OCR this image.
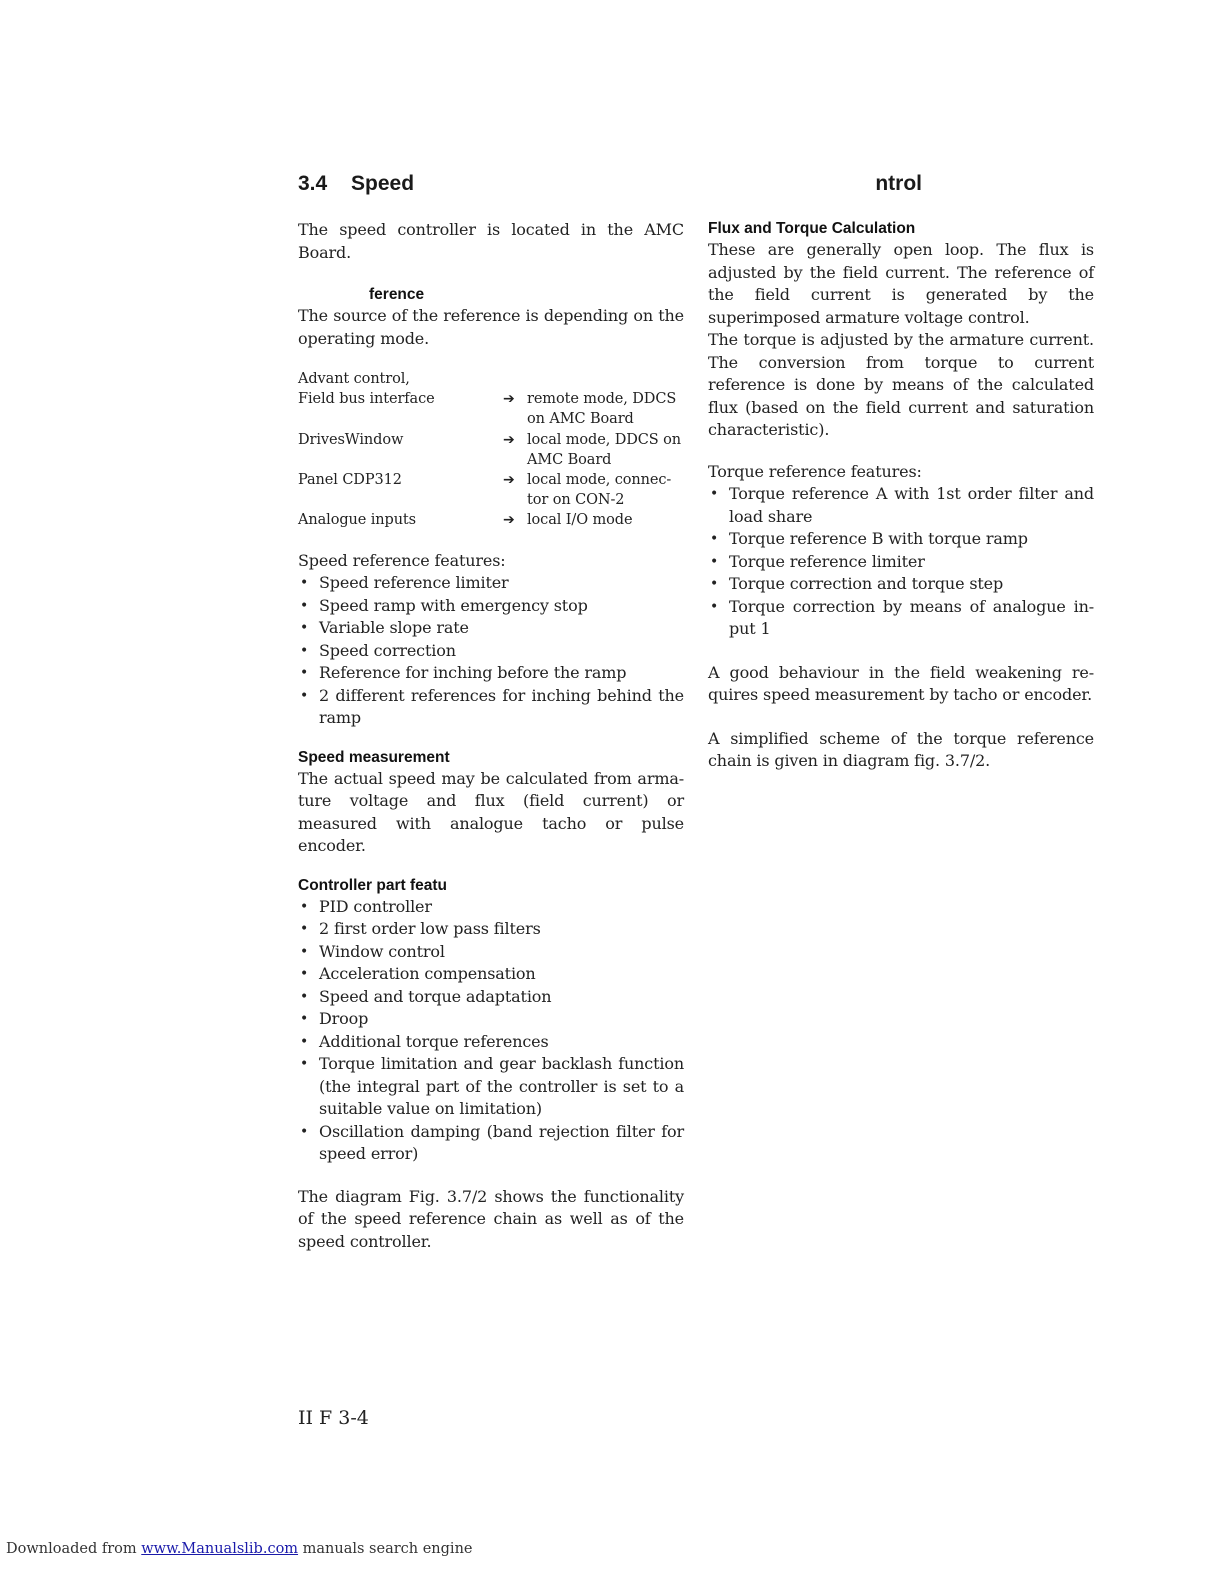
3.4 Speed	ntrol

The speed controller is located in the AMC Board.

ference

The source of the reference is depending on the operating mode.

Advant control,		
Field bus interface	➔	remote mode, DDCS on AMC Board
DrivesWindow	➔	local mode, DDCS on AMC Board
Panel CDP312	➔	local mode, connec-tor on CON-2
Analogue inputs	➔	local I/O mode

Speed reference features:

• Speed reference limiter
• Speed ramp with emergency stop
• Variable slope rate
• Speed correction
• Reference for inching before the ramp
• 2 different references for inching behind the ramp

Speed measurement

The actual speed may be calculated from arma-ture voltage and flux (field current) or measured with analogue tacho or pulse encoder.

Controller part featu

• PID controller
• 2 first order low pass filters
• Window control
• Acceleration compensation
• Speed and torque adaptation
• Droop
• Additional torque references
• Torque limitation and gear backlash function (the integral part of the controller is set to a suitable value on limitation)
• Oscillation damping (band rejection filter for speed error)

The diagram Fig. 3.7/2 shows the functionality of the speed reference chain as well as of the speed controller.

Flux and Torque Calculation

These are generally open loop. The flux is adjusted by the field current. The reference of the field current is generated by the superimposed armature voltage control.

The torque is adjusted by the armature current. The conversion from torque to current reference is done by means of the calculated flux (based on the field current and saturation characteristic).

Torque reference features:

• Torque reference A with 1st order filter and load share
• Torque reference B with torque ramp
• Torque reference limiter
• Torque correction and torque step
• Torque correction by means of analogue in-put 1

A good behaviour in the field weakening re-quires speed measurement by tacho or encoder.

A simplified scheme of the torque reference chain is given in diagram fig. 3.7/2.

II F 3-4
Downloaded from www.Manualslib.com manuals search engine
